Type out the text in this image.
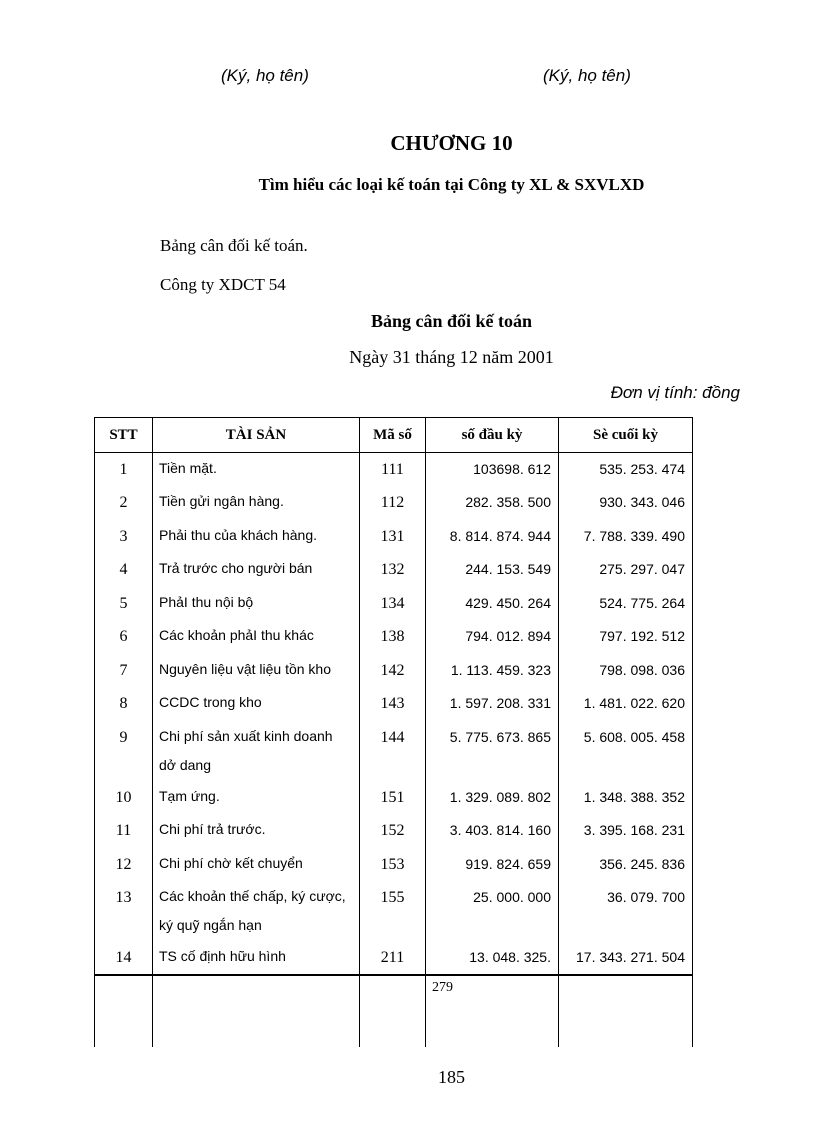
(Ký, họ tên)	(Ký, họ tên)
CHƯƠNG 10
Tìm hiểu các loại kế toán tại Công ty XL & SXVLXD
Bảng cân đối kế toán.
Công ty XDCT 54
Bảng cân đối kế toán
Ngày 31 tháng 12 năm 2001
Đơn vị tính: đồng
STT	TÀI SẢN	Mã số	số đầu kỳ	Sè cuối kỳ
1	Tiền mặt.	111	103698. 612	535. 253. 474
2	Tiền gửi ngân hàng.	112	282. 358. 500	930. 343. 046
3	Phải thu của khách hàng.	131	8. 814. 874. 944	7. 788. 339. 490
4	Trả trước cho người bán	132	244. 153. 549	275. 297. 047
5	PhảI thu nội bộ	134	429. 450. 264	524. 775. 264
6	Các khoản phảI thu khác	138	794. 012. 894	797. 192. 512
7	Nguyên liệu vật liệu tồn kho	142	1. 113. 459. 323	798. 098. 036
8	CCDC trong kho	143	1. 597. 208. 331	1. 481. 022. 620
9	Chi phí sản xuất kinh doanh dở dang	144	5. 775. 673. 865	5. 608. 005. 458
10	Tạm ứng.	151	1. 329. 089. 802	1. 348. 388. 352
11	Chi phí trả trước.	152	3. 403. 814. 160	3. 395. 168. 231
12	Chi phí chờ kết chuyển	153	919. 824. 659	356. 245. 836
13	Các khoản thế chấp, ký cược, ký quỹ ngắn hạn	155	25. 000. 000	36. 079. 700
14	TS cố định hữu hình	211	13. 048. 325.	17. 343. 271. 504
			279	
185
